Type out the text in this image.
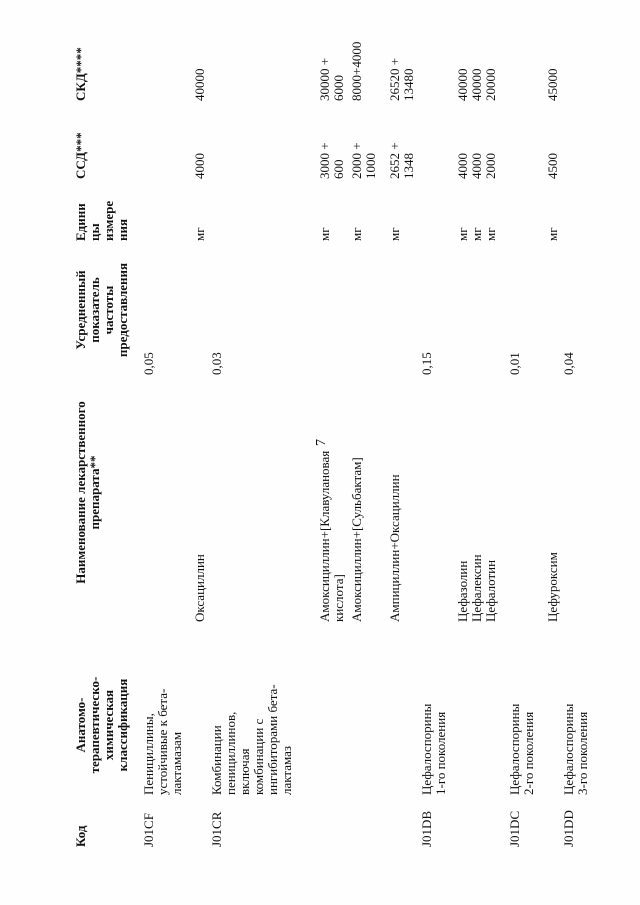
7
Код
Анатомо- терапевтическо- химическая классификация
Наименование лекарственного препарата**
Усредненный показатель частоты предоставления
Едини цы измере ния
ССД***
СКД****
J01CF
Пенициллины, устойчивые к бета- лактамазам
0,05
Оксациллин
мг
4000
40000
J01CR
Комбинации пенициллинов, включая комбинации с ингибиторами бета- лактамаз
0,03
Амоксициллин+[Клавулановая кислота]
мг
3000 + 600
30000 + 6000
Амоксициллин+[Сульбактам]
мг
2000 + 1000
8000+4000
Ампициллин+Оксациллин
мг
2652 + 1348
26520 + 13480
J01DB
Цефалоспорины 1-го поколения
0,15
Цефазолин Цефалексин Цефалотин
мг мг мг
4000 4000 2000
40000 40000 20000
J01DC
Цефалоспорины 2-го поколения
0,01
J01DD
Цефалоспорины 3-го поколения
0,04
Цефуроксим
мг
4500
45000
